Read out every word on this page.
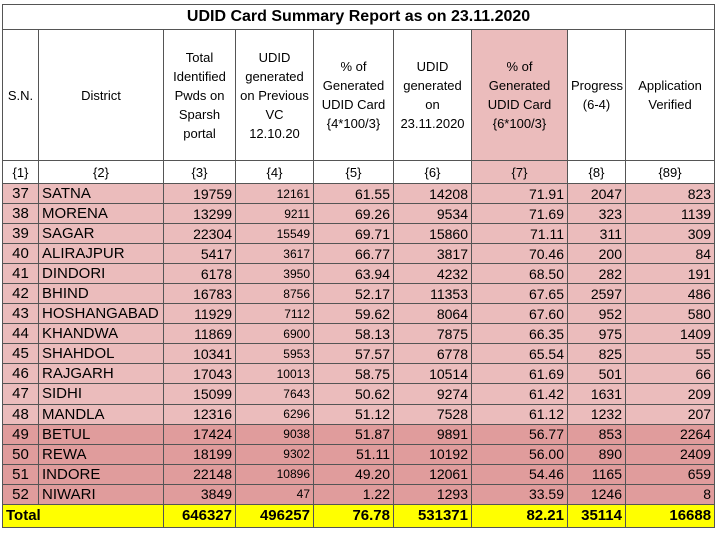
UDID Card Summary Report as on 23.11.2020								
S.N.	District	Total Identified Pwds on Sparsh portal	UDID generated on Previous VC 12.10.20	% of Generated UDID Card {4*100/3}	UDID generated on 23.11.2020	% of Generated UDID Card {6*100/3}	Progress (6-4)	Application Verified
{1}	{2}	{3}	{4}	{5}	{6}	{7}	{8}	{89}
37	SATNA	19759	12161	61.55	14208	71.91	2047	823
38	MORENA	13299	9211	69.26	9534	71.69	323	1139
39	SAGAR	22304	15549	69.71	15860	71.11	311	309
40	ALIRAJPUR	5417	3617	66.77	3817	70.46	200	84
41	DINDORI	6178	3950	63.94	4232	68.50	282	191
42	BHIND	16783	8756	52.17	11353	67.65	2597	486
43	HOSHANGABAD	11929	7112	59.62	8064	67.60	952	580
44	KHANDWA	11869	6900	58.13	7875	66.35	975	1409
45	SHAHDOL	10341	5953	57.57	6778	65.54	825	55
46	RAJGARH	17043	10013	58.75	10514	61.69	501	66
47	SIDHI	15099	7643	50.62	9274	61.42	1631	209
48	MANDLA	12316	6296	51.12	7528	61.12	1232	207
49	BETUL	17424	9038	51.87	9891	56.77	853	2264
50	REWA	18199	9302	51.11	10192	56.00	890	2409
51	INDORE	22148	10896	49.20	12061	54.46	1165	659
52	NIWARI	3849	47	1.22	1293	33.59	1246	8
Total		646327	496257	76.78	531371	82.21	35114	16688
